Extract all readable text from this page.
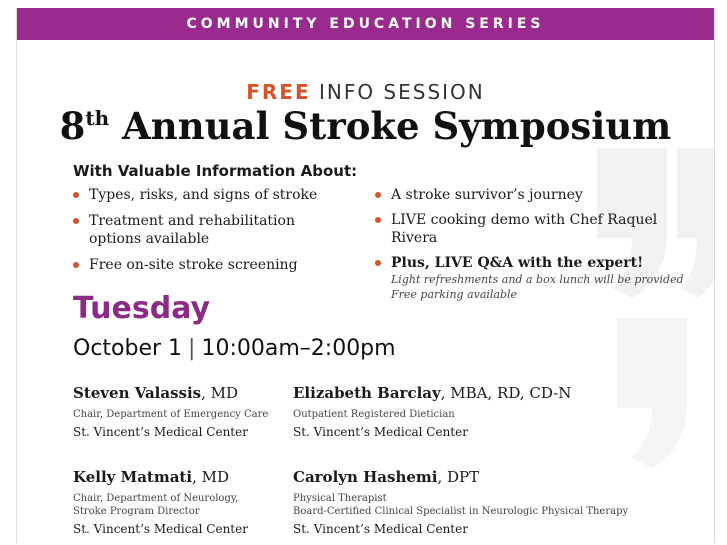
COMMUNITY EDUCATION SERIES
FREE INFO SESSION
8th Annual Stroke Symposium
With Valuable Information About:
Types, risks, and signs of stroke
Treatment and rehabilitation options available
Free on-site stroke screening
A stroke survivor’s journey
LIVE cooking demo with Chef Raquel Rivera
Plus, LIVE Q&A with the expert!
Light refreshments and a box lunch will be provided
Free parking available
Tuesday
October 1 | 10:00am–2:00pm
Steven Valassis, MD
Chair, Department of Emergency Care
St. Vincent’s Medical Center
Elizabeth Barclay, MBA, RD, CD-N
Outpatient Registered Dietician
St. Vincent’s Medical Center
Kelly Matmati, MD
Chair, Department of Neurology,
Stroke Program Director
St. Vincent’s Medical Center
Carolyn Hashemi, DPT
Physical Therapist
Board-Certified Clinical Specialist in Neurologic Physical Therapy
St. Vincent’s Medical Center
